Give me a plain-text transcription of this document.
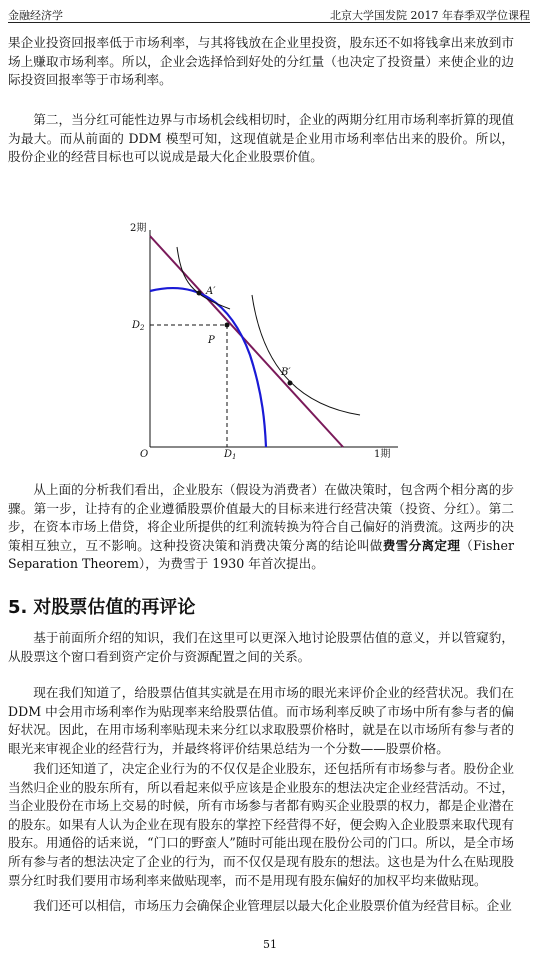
金融经济学	北京大学国发院 2017 年春季双学位课程
果企业投资回报率低于市场利率，与其将钱放在企业里投资，股东还不如将钱拿出来放到市场上赚取市场利率。所以，企业会选择恰到好处的分红量（也决定了投资量）来使企业的边际投资回报率等于市场利率。
第二，当分红可能性边界与市场机会线相切时，企业的两期分红用市场利率折算的现值为最大。而从前面的 DDM 模型可知，这现值就是企业用市场利率估出来的股价。所以，股份企业的经营目标也可以说成是最大化企业股票价值。
2期
1期
O	$D_1$
$D_2$
A′
P
B′
从上面的分析我们看出，企业股东（假设为消费者）在做决策时，包含两个相分离的步骤。第一步，让持有的企业遵循股票价值最大的目标来进行经营决策（投资、分红）。第二步，在资本市场上借贷，将企业所提供的红利流转换为符合自己偏好的消费流。这两步的决策相互独立，互不影响。这种投资决策和消费决策分离的结论叫做费雪分离定理（Fisher Separation Theorem），为费雪于 1930 年首次提出。
5. 对股票估值的再评论
基于前面所介绍的知识，我们在这里可以更深入地讨论股票估值的意义，并以管窥豹，从股票这个窗口看到资产定价与资源配置之间的关系。
现在我们知道了，给股票估值其实就是在用市场的眼光来评价企业的经营状况。我们在 DDM 中会用市场利率作为贴现率来给股票估值。而市场利率反映了市场中所有参与者的偏好状况。因此，在用市场利率贴现未来分红以求取股票价格时，就是在以市场所有参与者的眼光来审视企业的经营行为，并最终将评价结果总结为一个分数——股票价格。
我们还知道了，决定企业行为的不仅仅是企业股东，还包括所有市场参与者。股份企业当然归企业的股东所有，所以看起来似乎应该是企业股东的想法决定企业经营活动。不过，当企业股份在市场上交易的时候，所有市场参与者都有购买企业股票的权力，都是企业潜在的股东。如果有人认为企业在现有股东的掌控下经营得不好，便会购入企业股票来取代现有股东。用通俗的话来说，“门口的野蛮人”随时可能出现在股份公司的门口。所以，是全市场所有参与者的想法决定了企业的行为，而不仅仅是现有股东的想法。这也是为什么在贴现股票分红时我们要用市场利率来做贴现率，而不是用现有股东偏好的加权平均来做贴现。
我们还可以相信，市场压力会确保企业管理层以最大化企业股票价值为经营目标。企业
51
